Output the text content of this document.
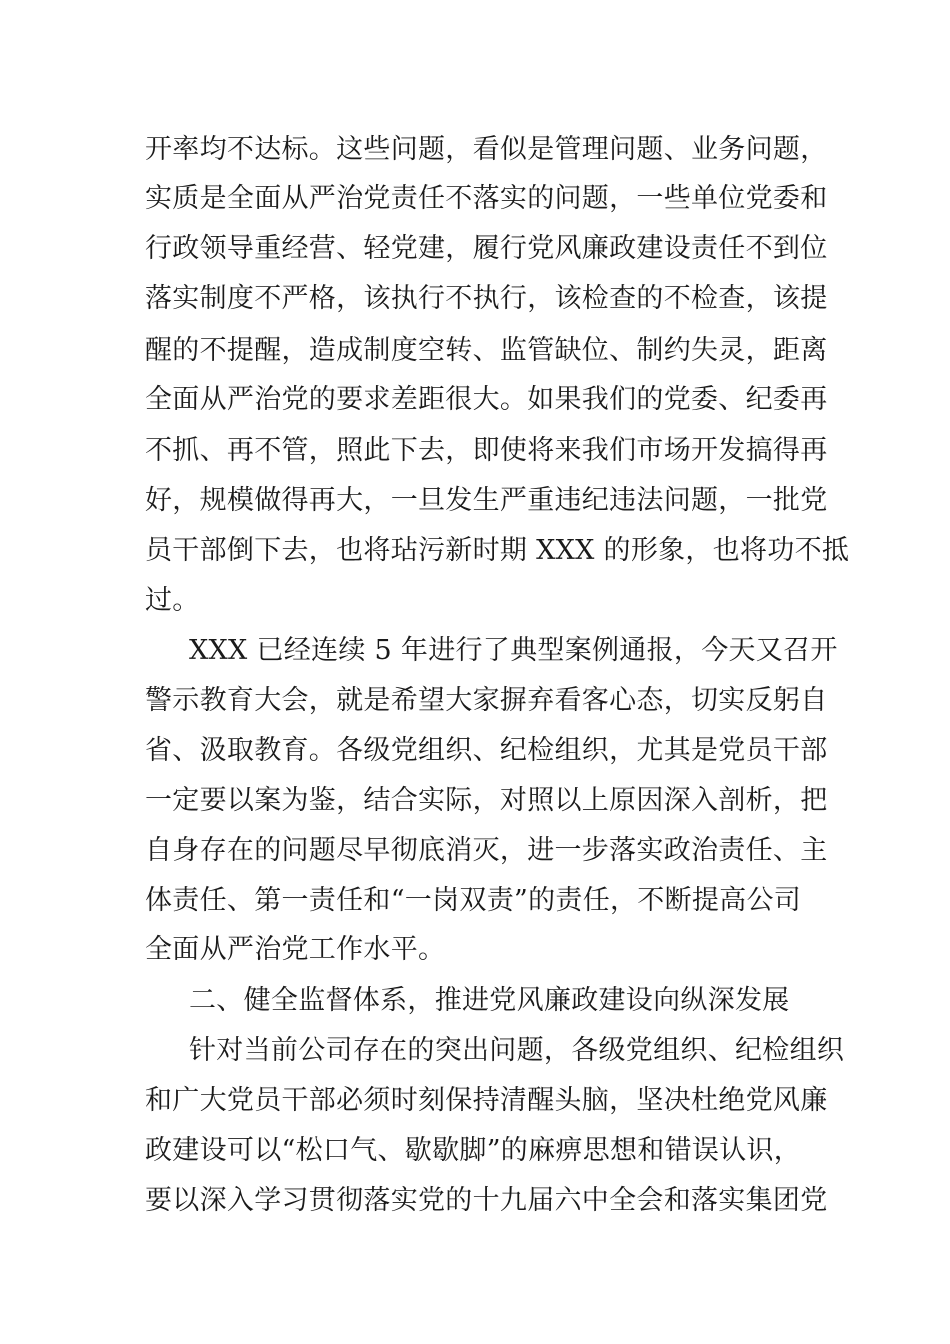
开率均不达标。这些问题，看似是管理问题、业务问题，
实质是全面从严治党责任不落实的问题，一些单位党委和
行政领导重经营、轻党建，履行党风廉政建设责任不到位
落实制度不严格，该执行不执行，该检查的不检查，该提
醒的不提醒，造成制度空转、监管缺位、制约失灵，距离
全面从严治党的要求差距很大。如果我们的党委、纪委再
不抓、再不管，照此下去，即使将来我们市场开发搞得再
好，规模做得再大，一旦发生严重违纪违法问题，一批党
员干部倒下去，也将玷污新时期 XXX 的形象，也将功不抵
过。
XXX 已经连续 5 年进行了典型案例通报，今天又召开
警示教育大会，就是希望大家摒弃看客心态，切实反躬自
省、汲取教育。各级党组织、纪检组织，尤其是党员干部
一定要以案为鉴，结合实际，对照以上原因深入剖析，把
自身存在的问题尽早彻底消灭，进一步落实政治责任、主
体责任、第一责任和“一岗双责”的责任，不断提高公司
全面从严治党工作水平。
二、健全监督体系，推进党风廉政建设向纵深发展
针对当前公司存在的突出问题，各级党组织、纪检组织
和广大党员干部必须时刻保持清醒头脑，坚决杜绝党风廉
政建设可以“松口气、歇歇脚”的麻痹思想和错误认识，
要以深入学习贯彻落实党的十九届六中全会和落实集团党
